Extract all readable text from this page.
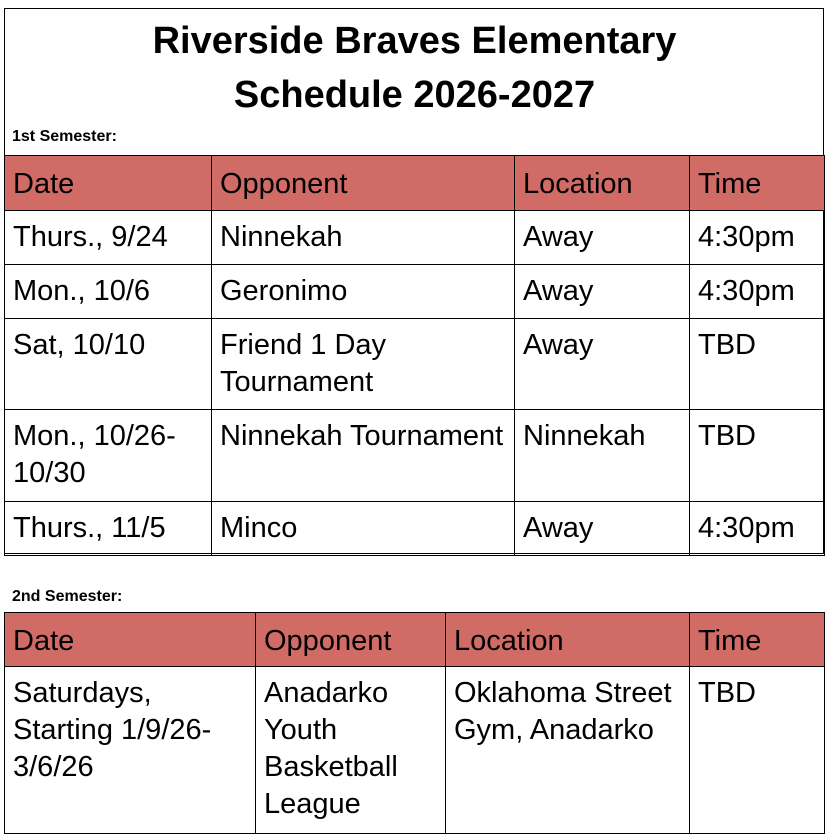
Riverside Braves Elementary
Schedule 2026-2027
1st Semester:
Date	Opponent	Location	Time
Thurs., 9/24	Ninnekah	Away	4:30pm
Mon., 10/6	Geronimo	Away	4:30pm
Sat, 10/10	Friend 1 Day Tournament	Away	TBD
Mon., 10/26-10/30	Ninnekah Tournament	Ninnekah	TBD
Thurs., 11/5	Minco	Away	4:30pm
2nd Semester:
Date	Opponent	Location	Time
Saturdays, Starting 1/9/26-3/6/26	Anadarko Youth Basketball League	Oklahoma Street Gym, Anadarko	TBD
